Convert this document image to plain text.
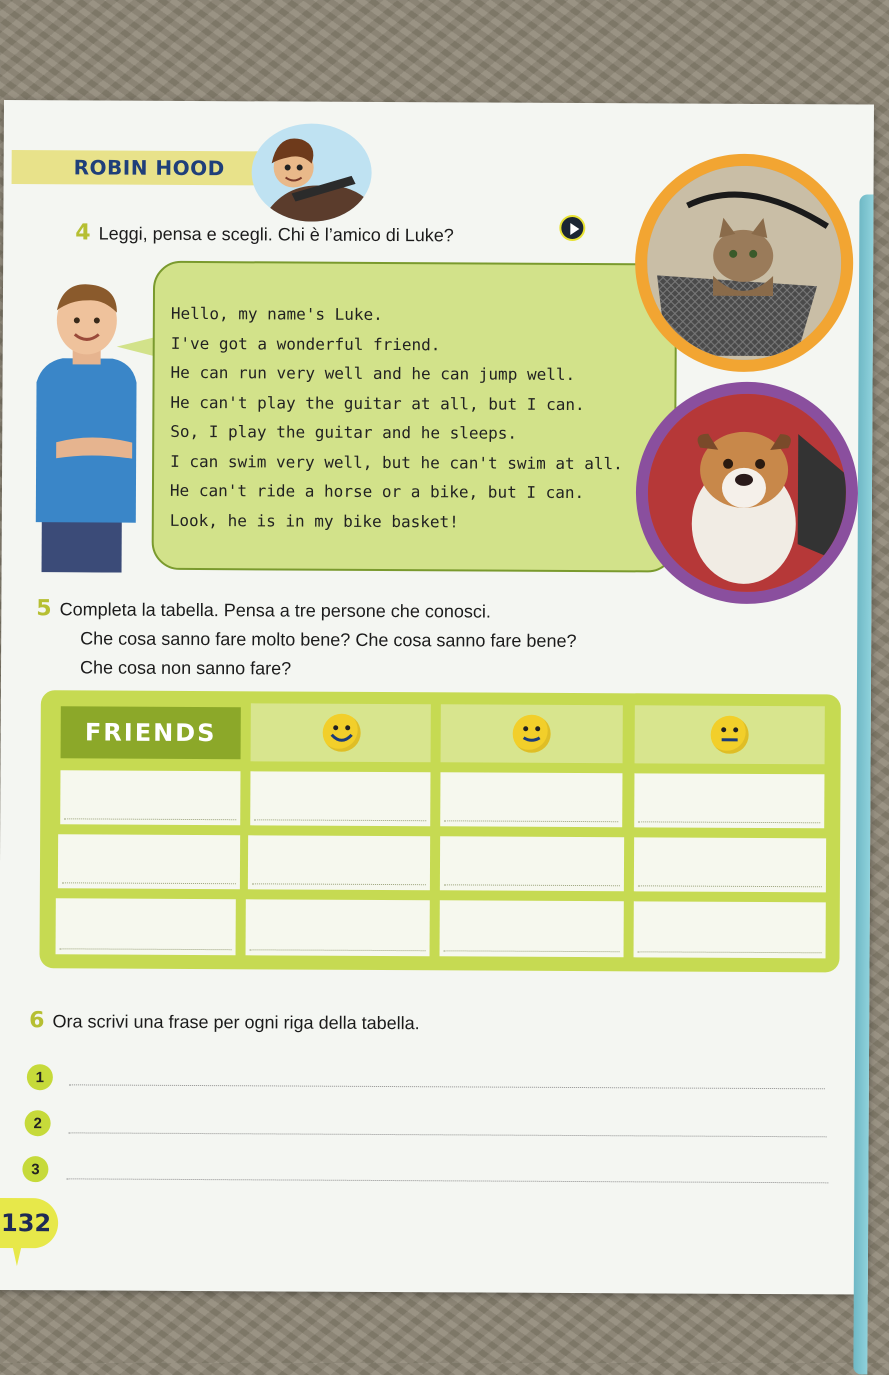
ROBIN HOOD
4 Leggi, pensa e scegli. Chi è l’amico di Luke?
Hello, my name's Luke.
I've got a wonderful friend.
He can run very well and he can jump well.
He can't play the guitar at all, but I can.
So, I play the guitar and he sleeps.
I can swim very well, but he can't swim at all.
He can't ride a horse or a bike, but I can.
Look, he is in my bike basket!
5 Completa la tabella. Pensa a tre persone che conosci.
Che cosa sanno fare molto bene? Che cosa sanno fare bene?
Che cosa non sanno fare?
FRIENDS
6 Ora scrivi una frase per ogni riga della tabella.
1
2
3
132
